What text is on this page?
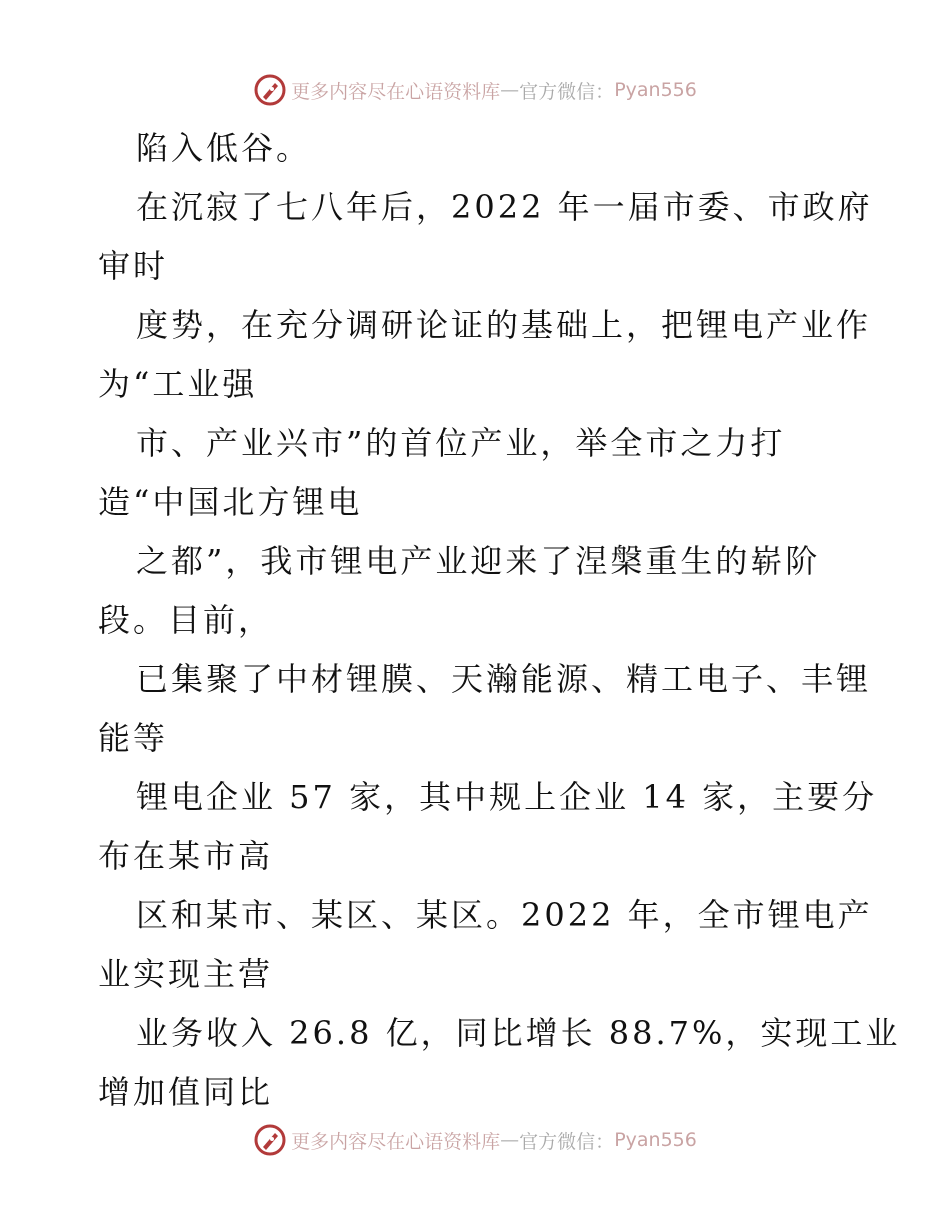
更多内容尽在心语资料库 — 官方微信： Pyan556
陷入低谷。
在沉寂了七八年后，2022 年一届市委、市政府
审时
度势，在充分调研论证的基础上，把锂电产业作
为“工业强
市、产业兴市”的首位产业，举全市之力打
造“中国北方锂电
之都”，我市锂电产业迎来了涅槃重生的崭阶
段。目前，
已集聚了中材锂膜、天瀚能源、精工电子、丰锂
能等
锂电企业 57 家，其中规上企业 14 家，主要分
布在某市高
区和某市、某区、某区。2022 年，全市锂电产
业实现主营
业务收入 26.8 亿，同比增长 88.7%，实现工业
增加值同比
更多内容尽在心语资料库 — 官方微信： Pyan556
